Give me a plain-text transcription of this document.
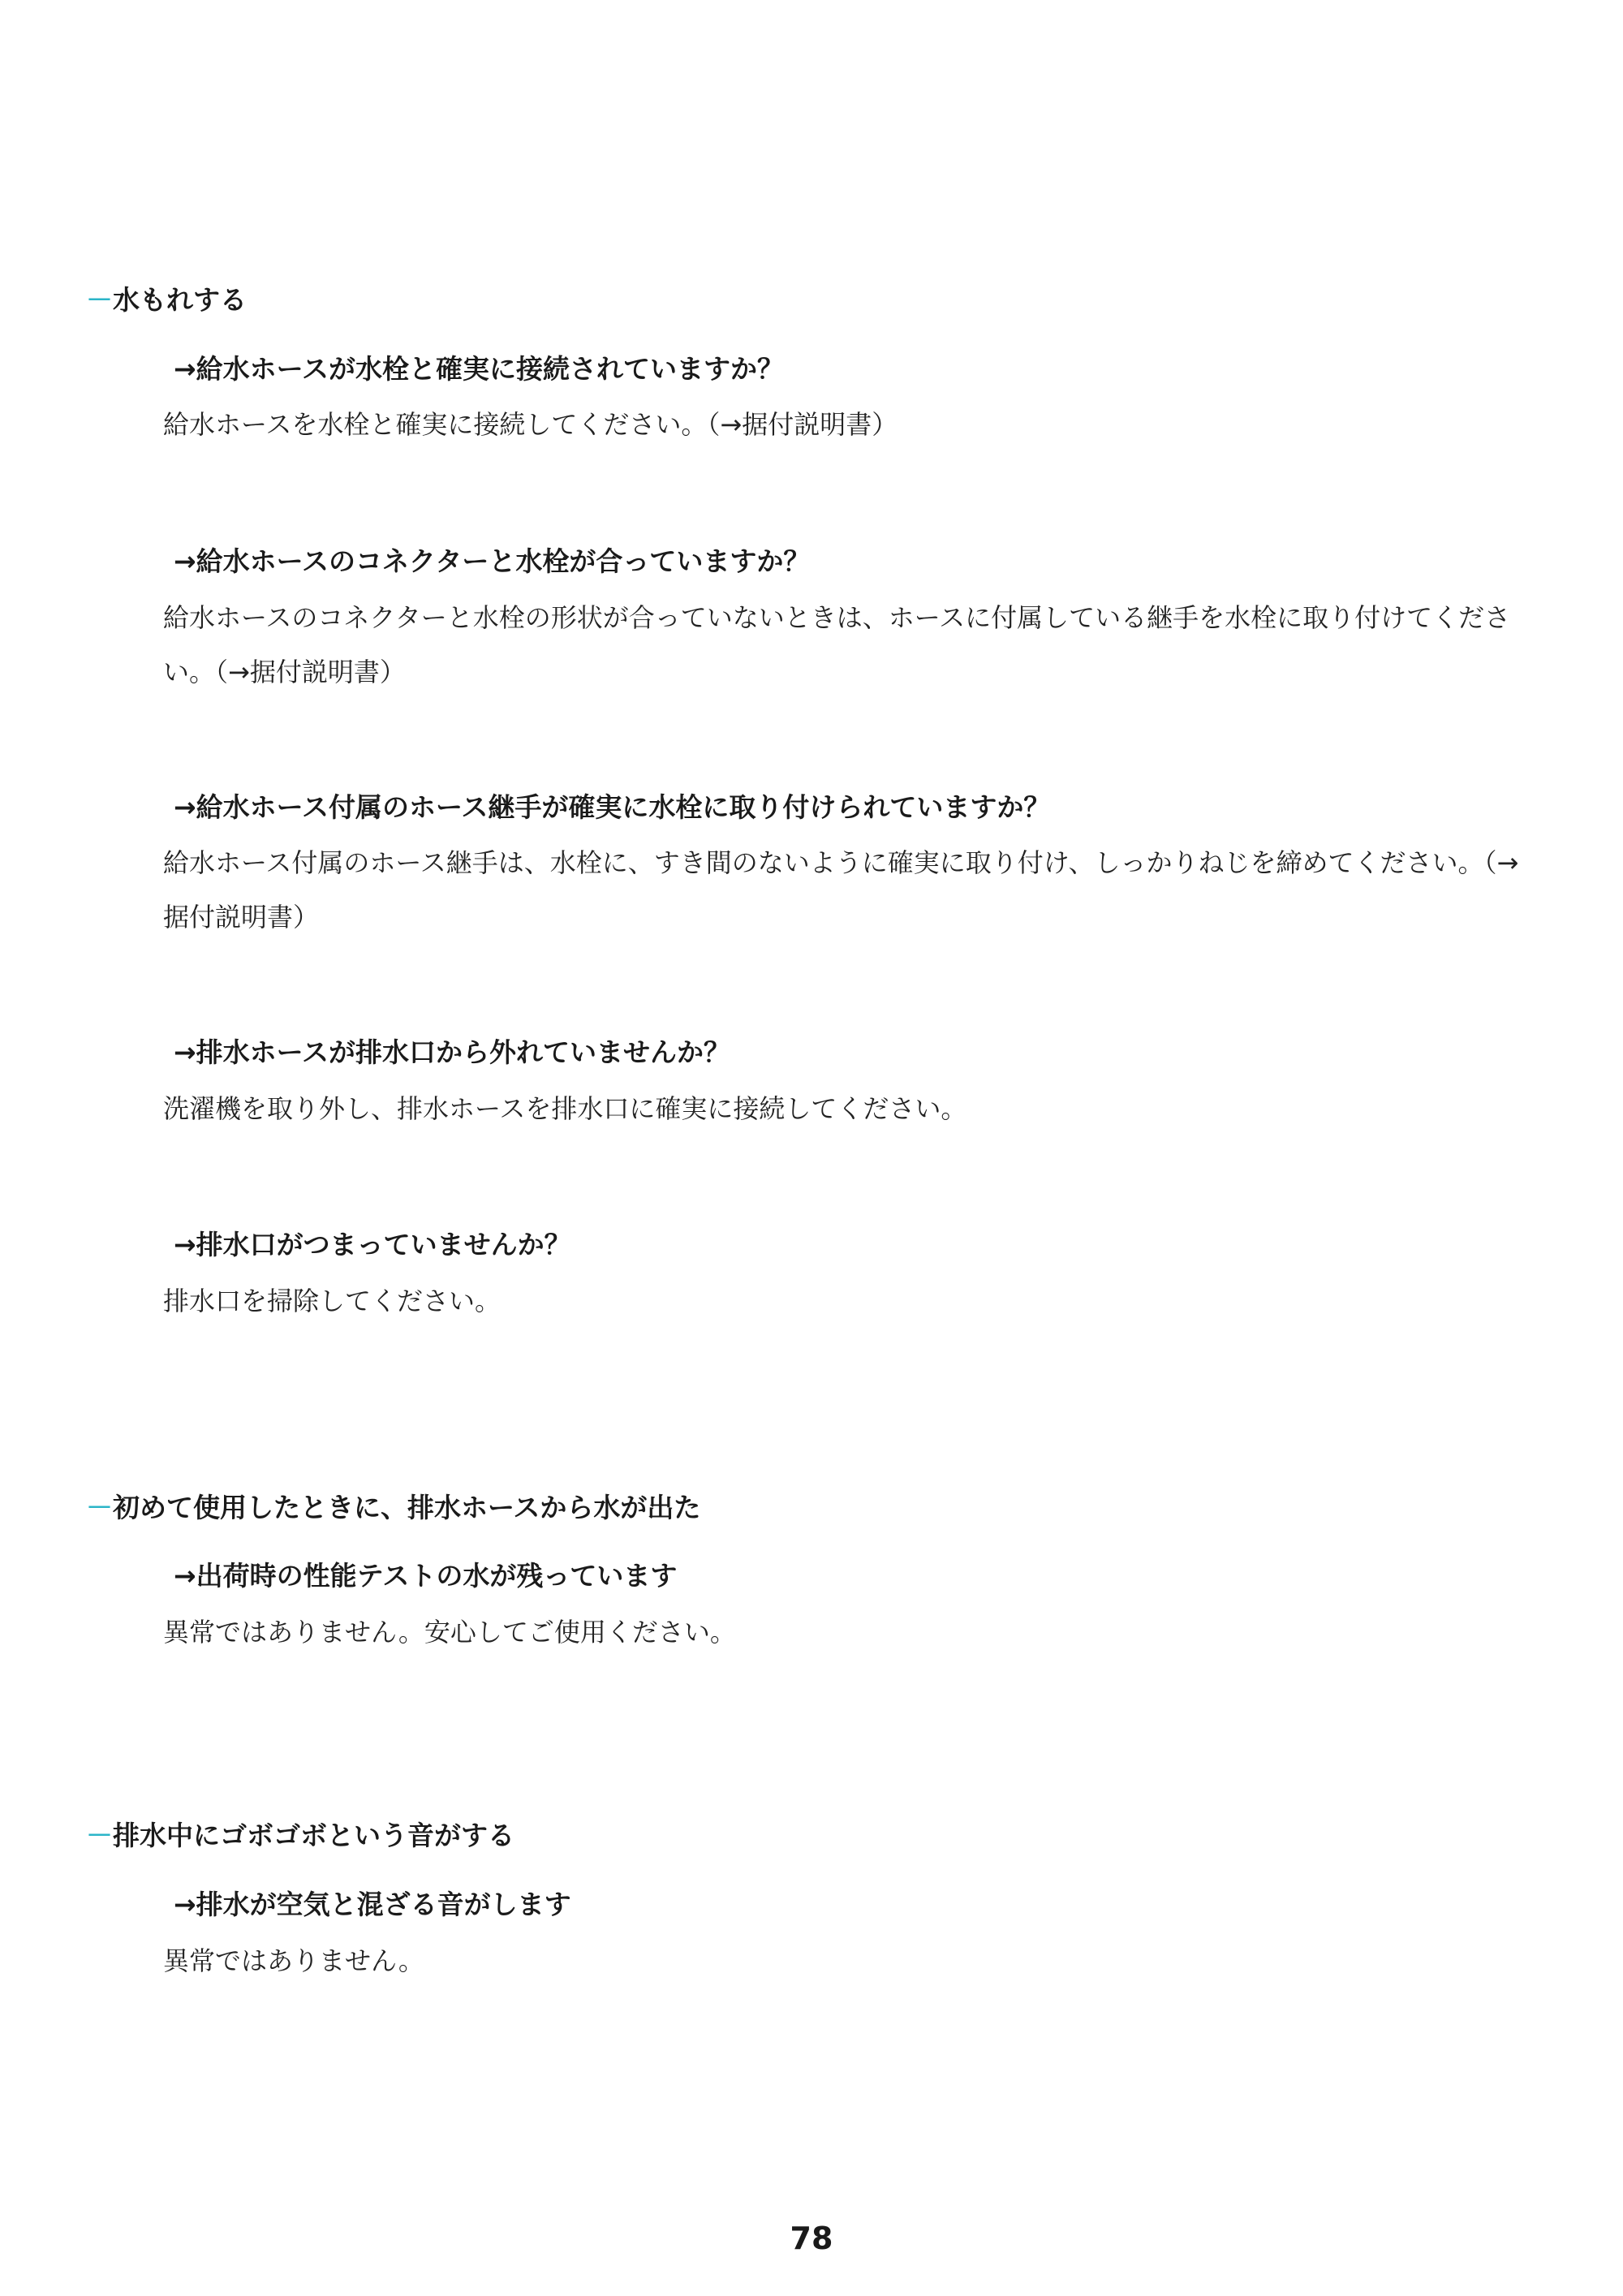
－水もれする
→給水ホースが水栓と確実に接続されていますか？
給水ホースを水栓と確実に接続してください。（→据付説明書）
→給水ホースのコネクターと水栓が合っていますか？
給水ホースのコネクターと水栓の形状が合っていないときは、ホースに付属している継手を水栓に取り付けてください。（→据付説明書）
→給水ホース付属のホース継手が確実に水栓に取り付けられていますか？
給水ホース付属のホース継手は、水栓に、すき間のないように確実に取り付け、しっかりねじを締めてください。（→据付説明書）
→排水ホースが排水口から外れていませんか？
洗濯機を取り外し、排水ホースを排水口に確実に接続してください。
→排水口がつまっていませんか？
排水口を掃除してください。
－初めて使用したときに、排水ホースから水が出た
→出荷時の性能テストの水が残っています
異常ではありません。安心してご使用ください。
－排水中にゴボゴボという音がする
→排水が空気と混ざる音がします
異常ではありません。
78
